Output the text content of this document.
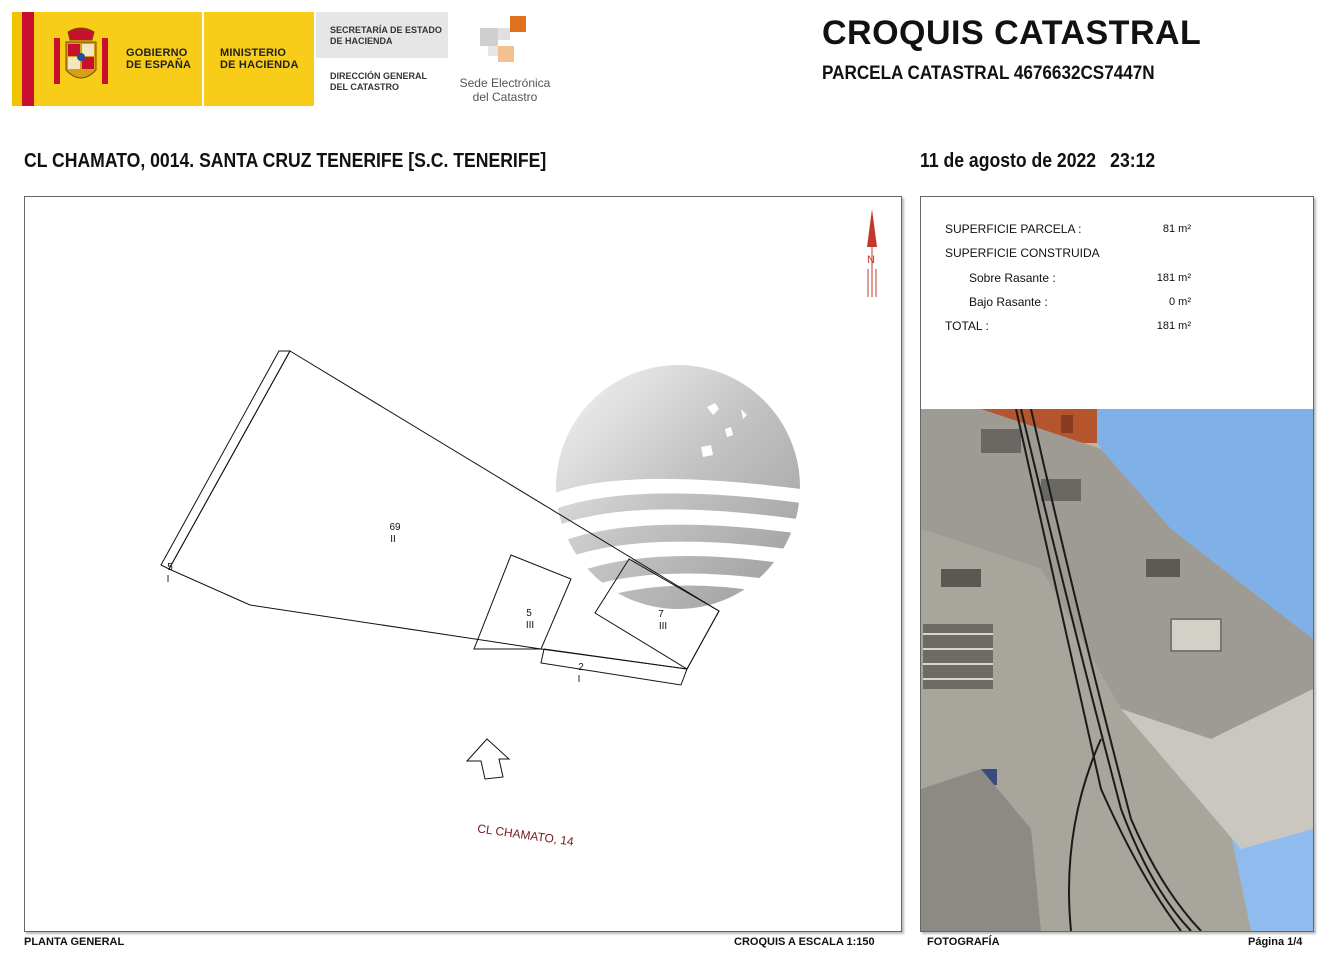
GOBIERNO
DE ESPAÑA
MINISTERIO
DE HACIENDA
SECRETARÍA DE ESTADO
DE HACIENDA
DIRECCIÓN GENERAL
DEL CATASTRO	Sede Electrónica
del Catastro
CROQUIS CATASTRAL
PARCELA CATASTRAL 4676632CS7447N
CL CHAMATO, 0014. SANTA CRUZ TENERIFE [S.C. TENERIFE]	11 de agosto de 2022 23:12
N
69
II
5
I
5
III
7
III
2
I
CL CHAMATO, 14
SUPERFICIE PARCELA :	81 m²
SUPERFICIE CONSTRUIDA
Sobre Rasante :	181 m²
Bajo Rasante :	0 m²
TOTAL :	181 m²
PLANTA GENERAL	CROQUIS A ESCALA 1:150	FOTOGRAFÍA	Página 1/4
